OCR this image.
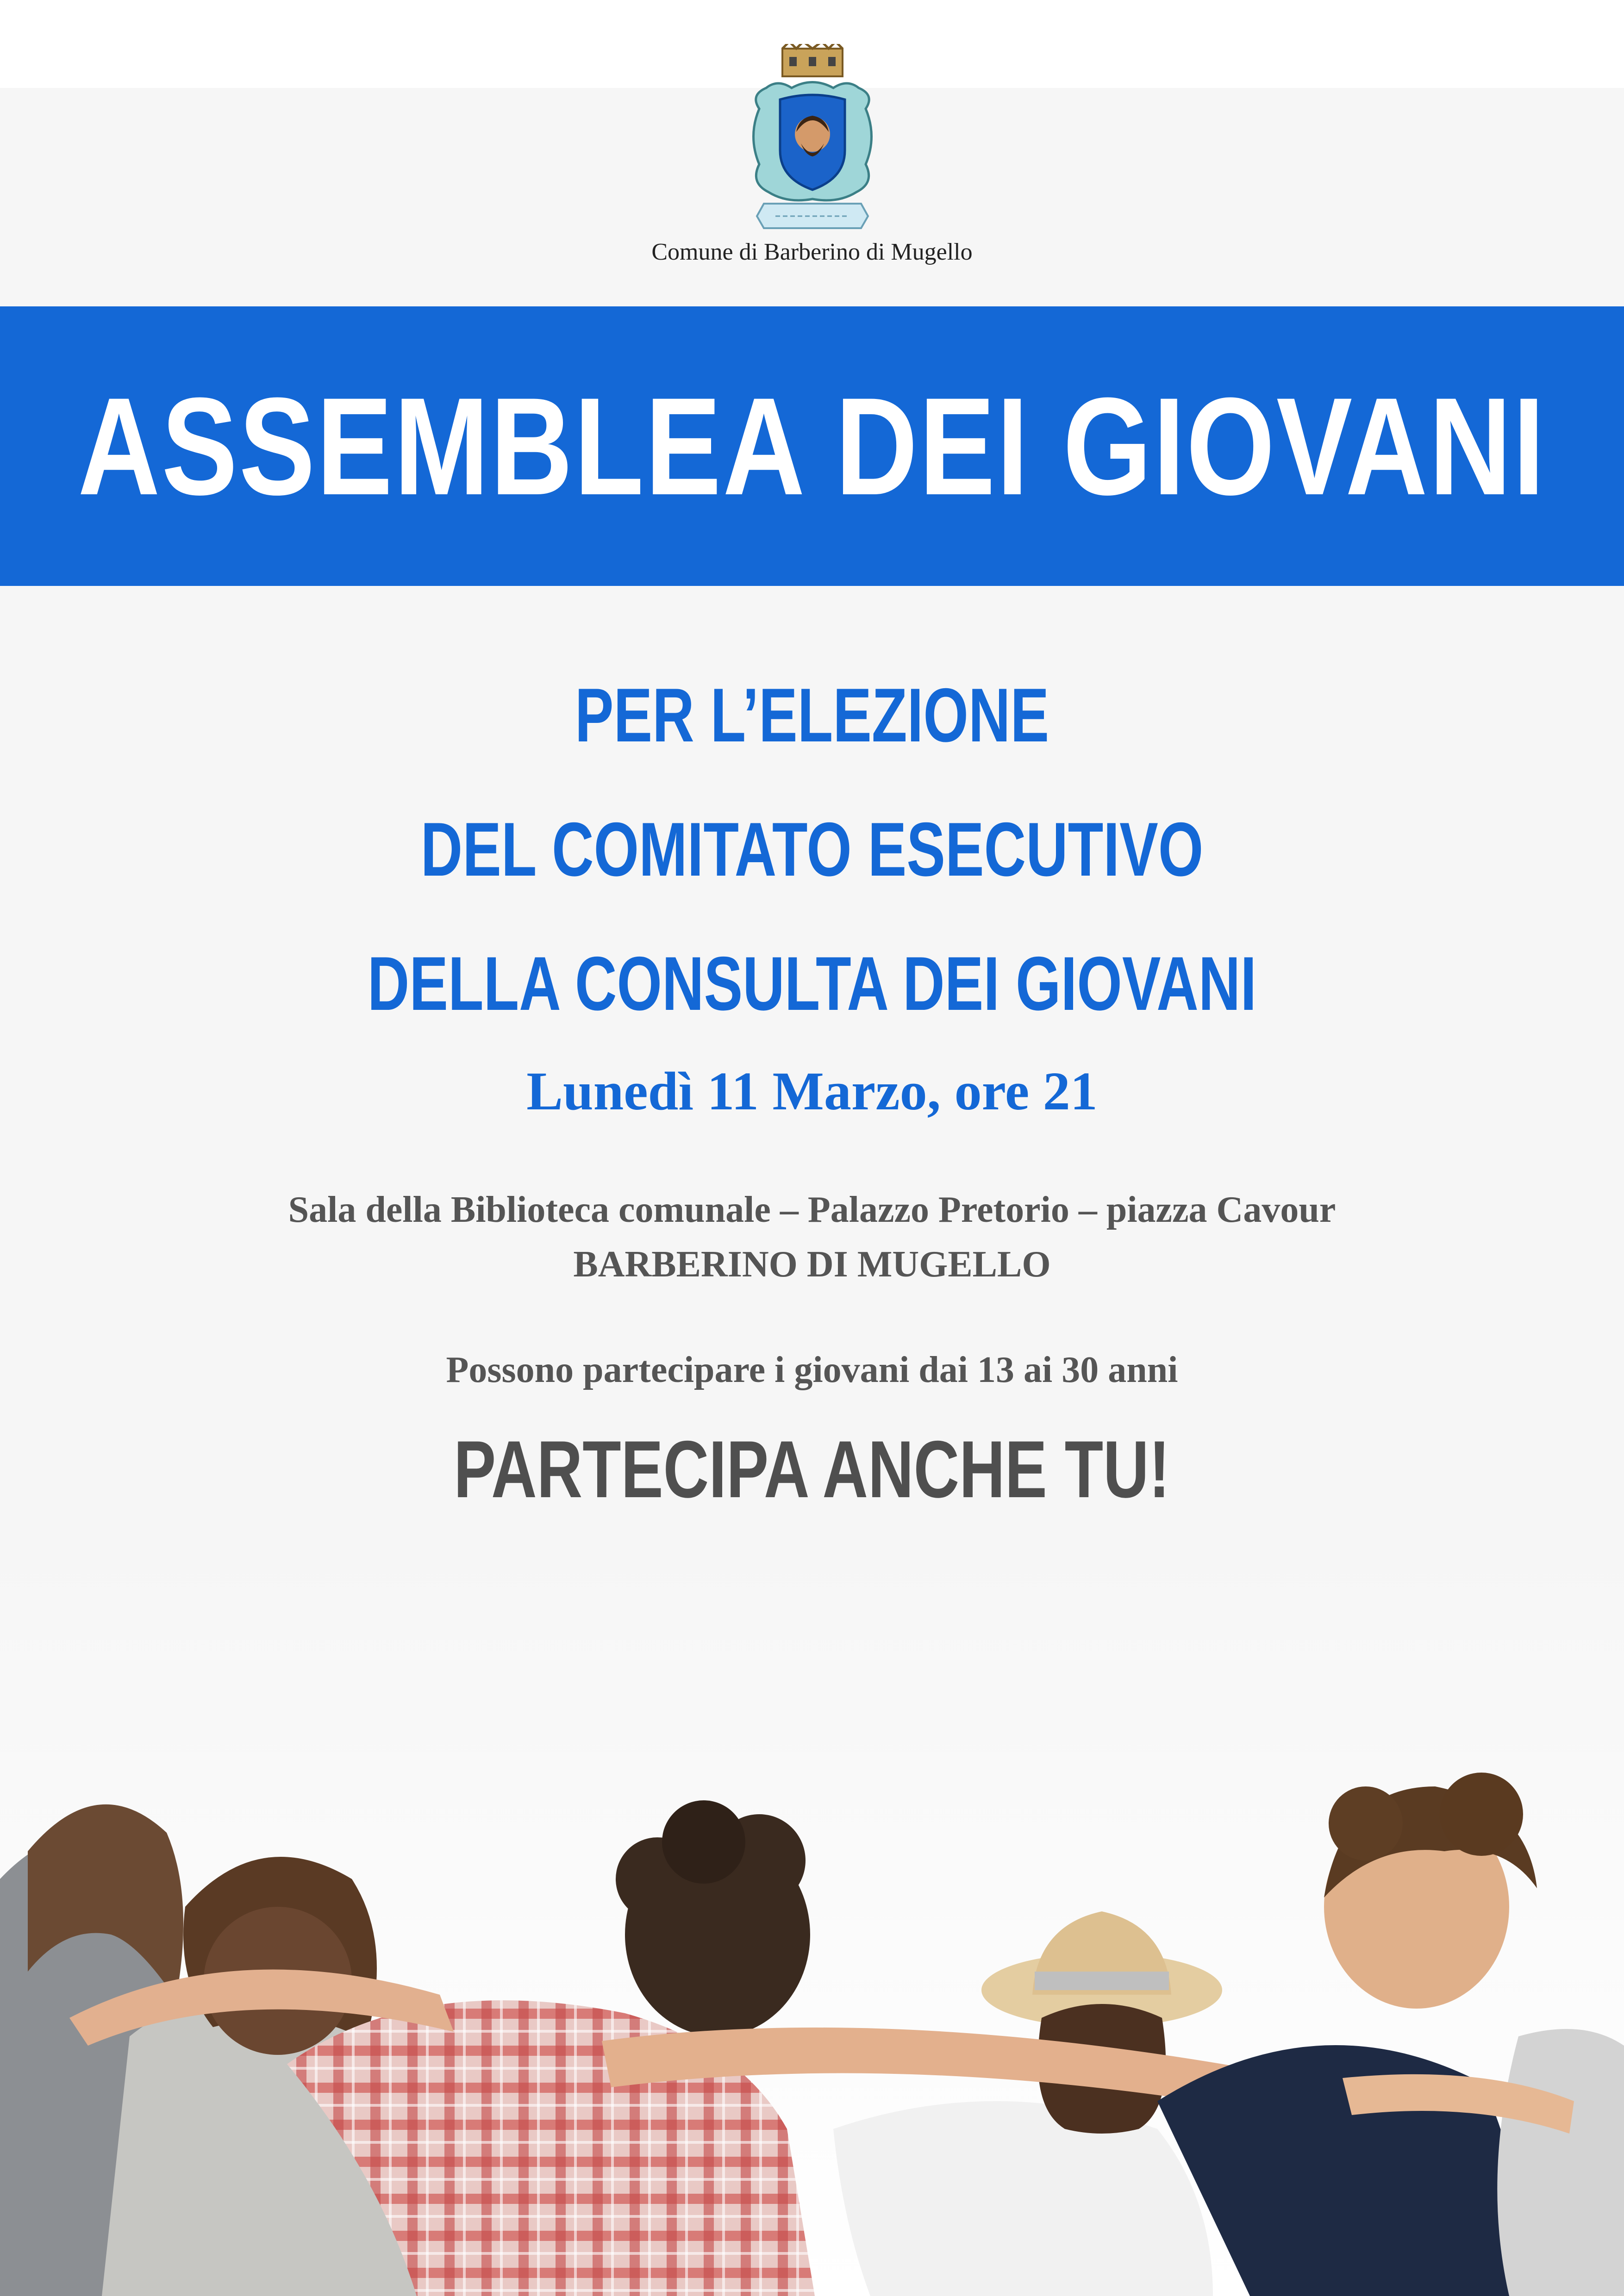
Comune di Barberino di Mugello
ASSEMBLEA DEI GIOVANI
PER L’ELEZIONE
DEL COMITATO ESECUTIVO
DELLA CONSULTA DEI GIOVANI
Lunedì 11 Marzo, ore 21
Sala della Biblioteca comunale – Palazzo Pretorio – piazza Cavour
BARBERINO DI MUGELLO
Possono partecipare i giovani dai 13 ai 30 anni
PARTECIPA ANCHE TU!
